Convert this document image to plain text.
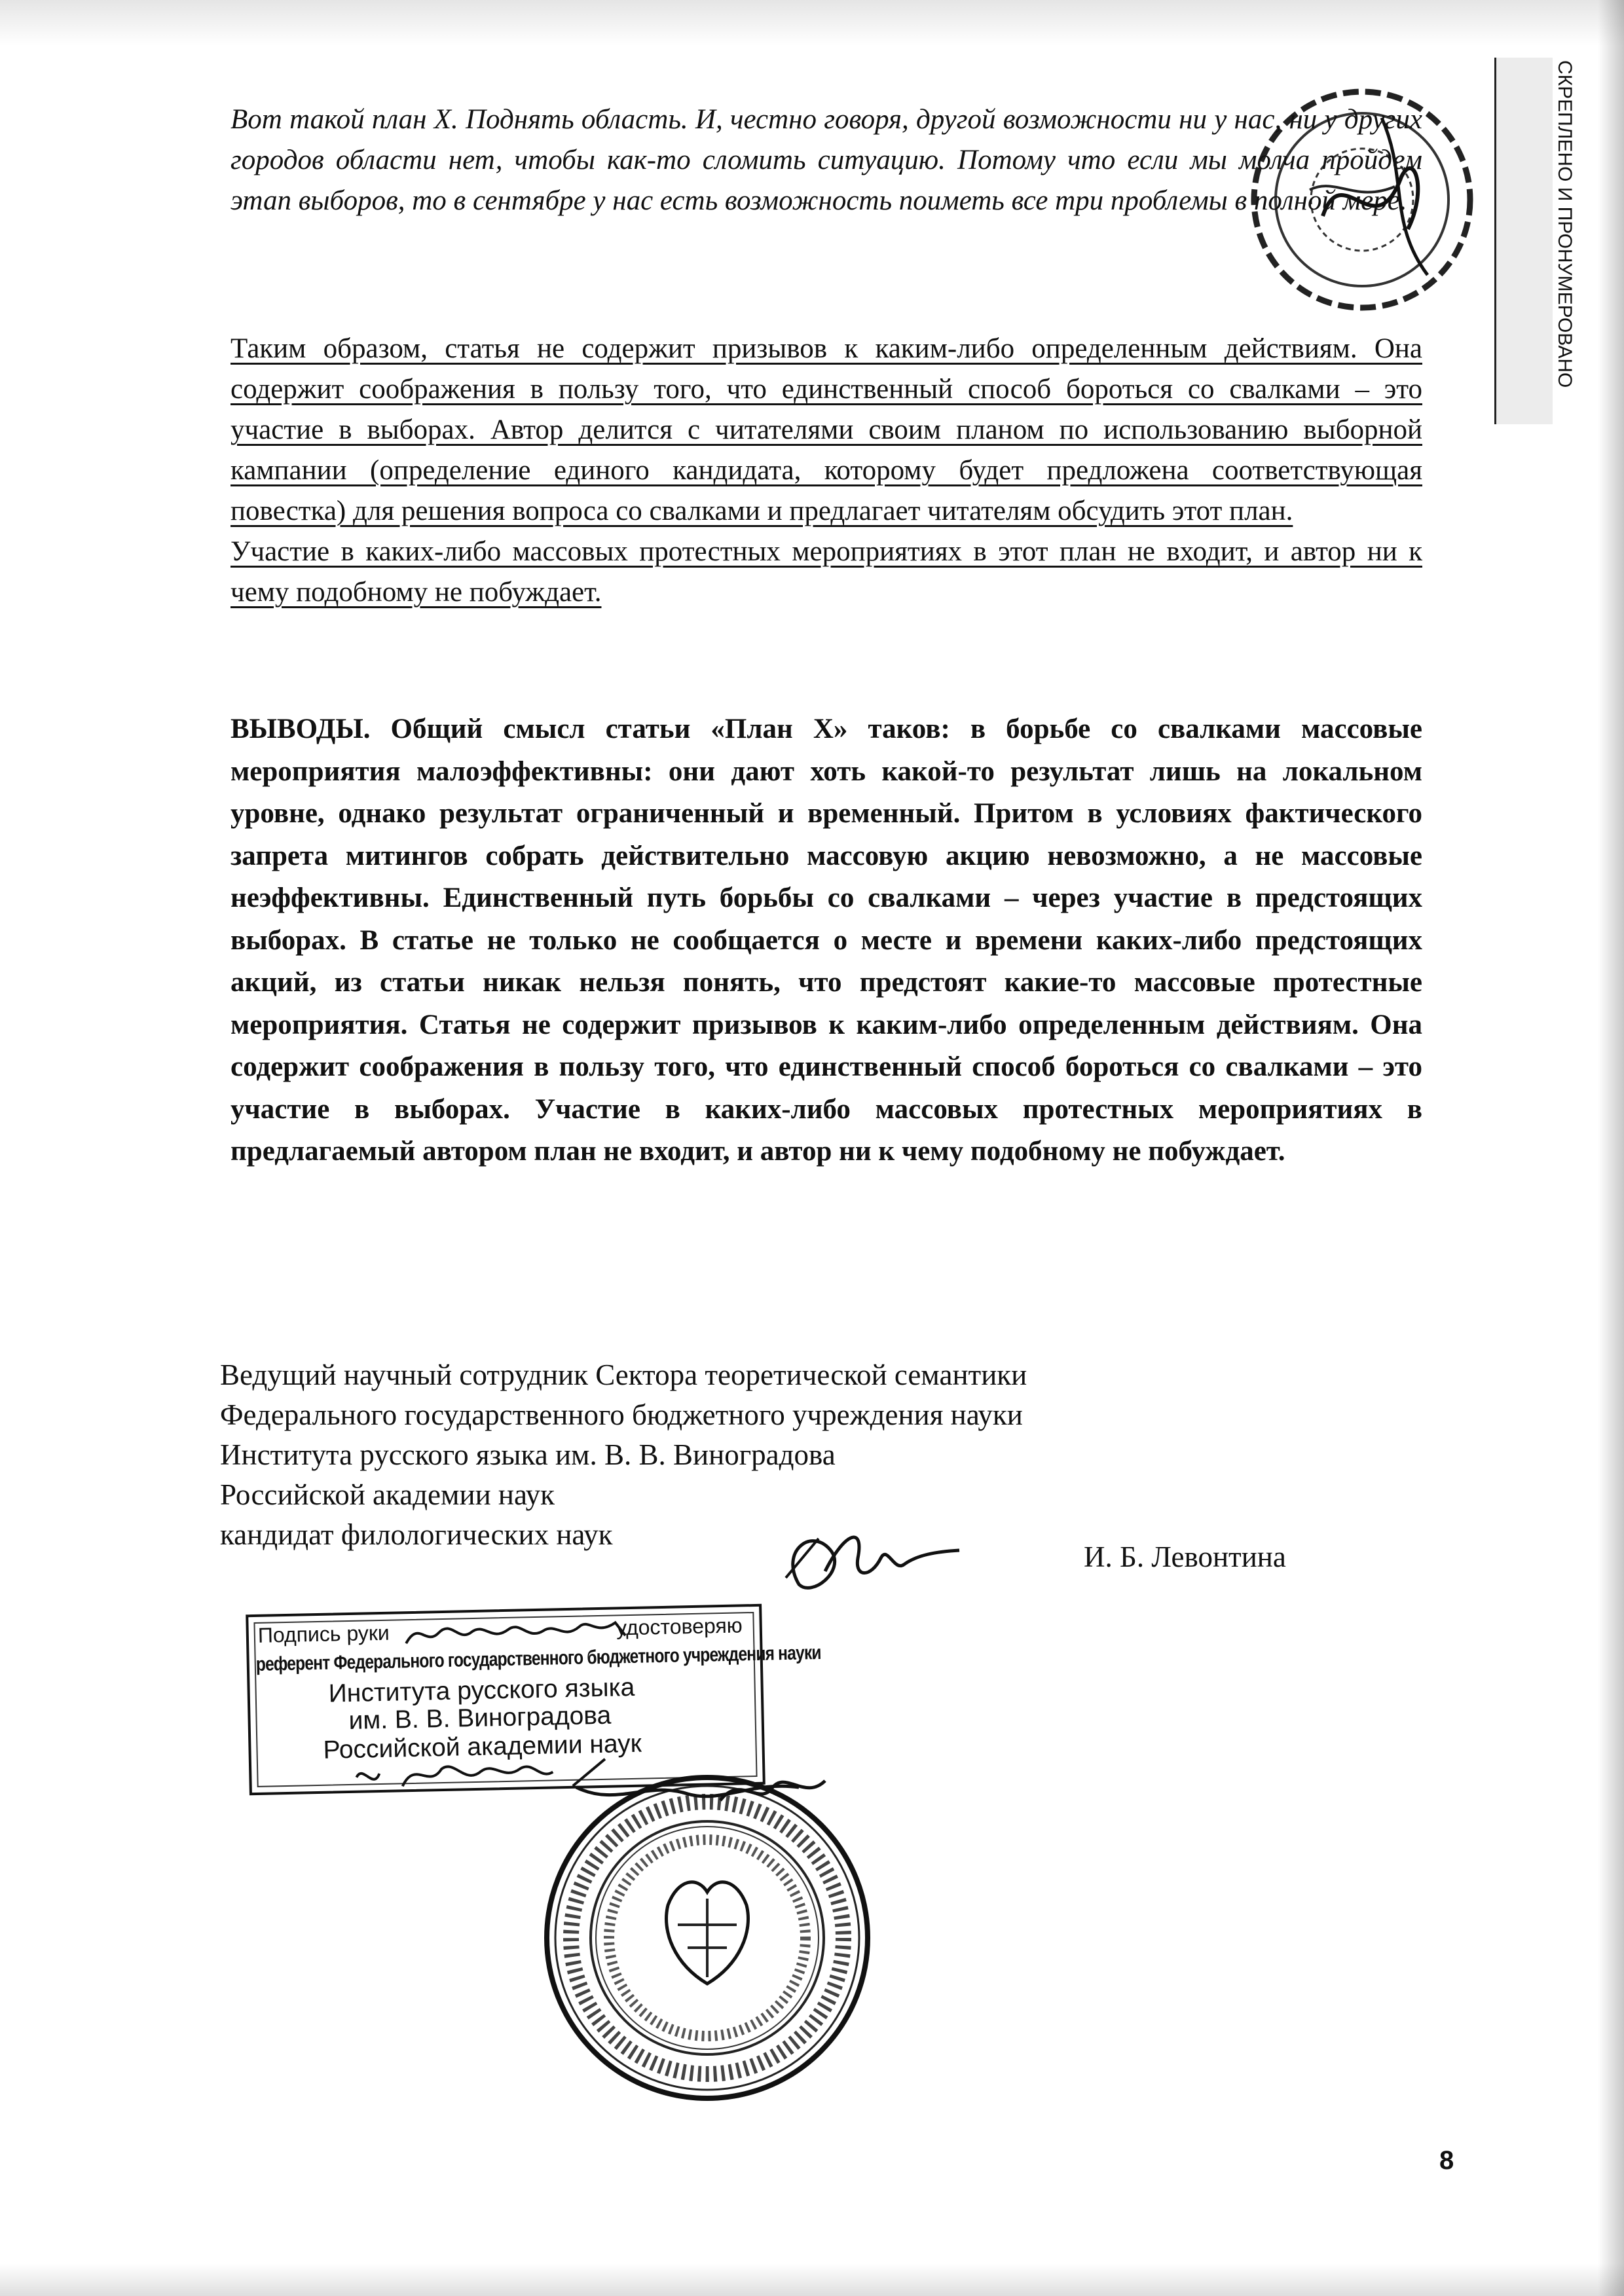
СКРЕПЛЕНО И ПРОНУМЕРОВАНО

Вот такой план Х. Поднять область. И, честно говоря, другой возможности ни у нас, ни у других городов области нет, чтобы как-то сломить ситуацию. Потому что если мы молча пройдем этап выборов, то в сентябре у нас есть возможность поиметь все три проблемы в полной мере.

Таким образом, статья не содержит призывов к каким-либо определенным действиям. Она содержит соображения в пользу того, что единственный способ бороться со свалками – это участие в выборах. Автор делится с читателями своим планом по использованию выборной кампании (определение единого кандидата, которому будет предложена соответствующая повестка) для решения вопроса со свалками и предлагает читателям обсудить этот план.

Участие в каких-либо массовых протестных мероприятиях в этот план не входит, и автор ни к чему подобному не побуждает.

ВЫВОДЫ. Общий смысл статьи «План Х» таков: в борьбе со свалками массовые мероприятия малоэффективны: они дают хоть какой-то результат лишь на локальном уровне, однако результат ограниченный и временный. Притом в условиях фактического запрета митингов собрать действительно массовую акцию невозможно, а не массовые неэффективны. Единственный путь борьбы со свалками – через участие в предстоящих выборах. В статье не только не сообщается о месте и времени каких-либо предстоящих акций, из статьи никак нельзя понять, что предстоят какие-то массовые протестные мероприятия. Статья не содержит призывов к каким-либо определенным действиям. Она содержит соображения в пользу того, что единственный способ бороться со свалками – это участие в выборах. Участие в каких-либо массовых протестных мероприятиях в предлагаемый автором план не входит, и автор ни к чему подобному не побуждает.

Ведущий научный сотрудник Сектора теоретической семантики
Федерального государственного бюджетного учреждения науки
Института русского языка им. В. В. Виноградова
Российской академии наук
кандидат филологических наук
И. Б. Левонтина
Подпись руки	удостоверяю
референт Федерального государственного бюджетного учреждения науки
Института русского языка
им. В. В. Виноградова
Российской академии наук
8
